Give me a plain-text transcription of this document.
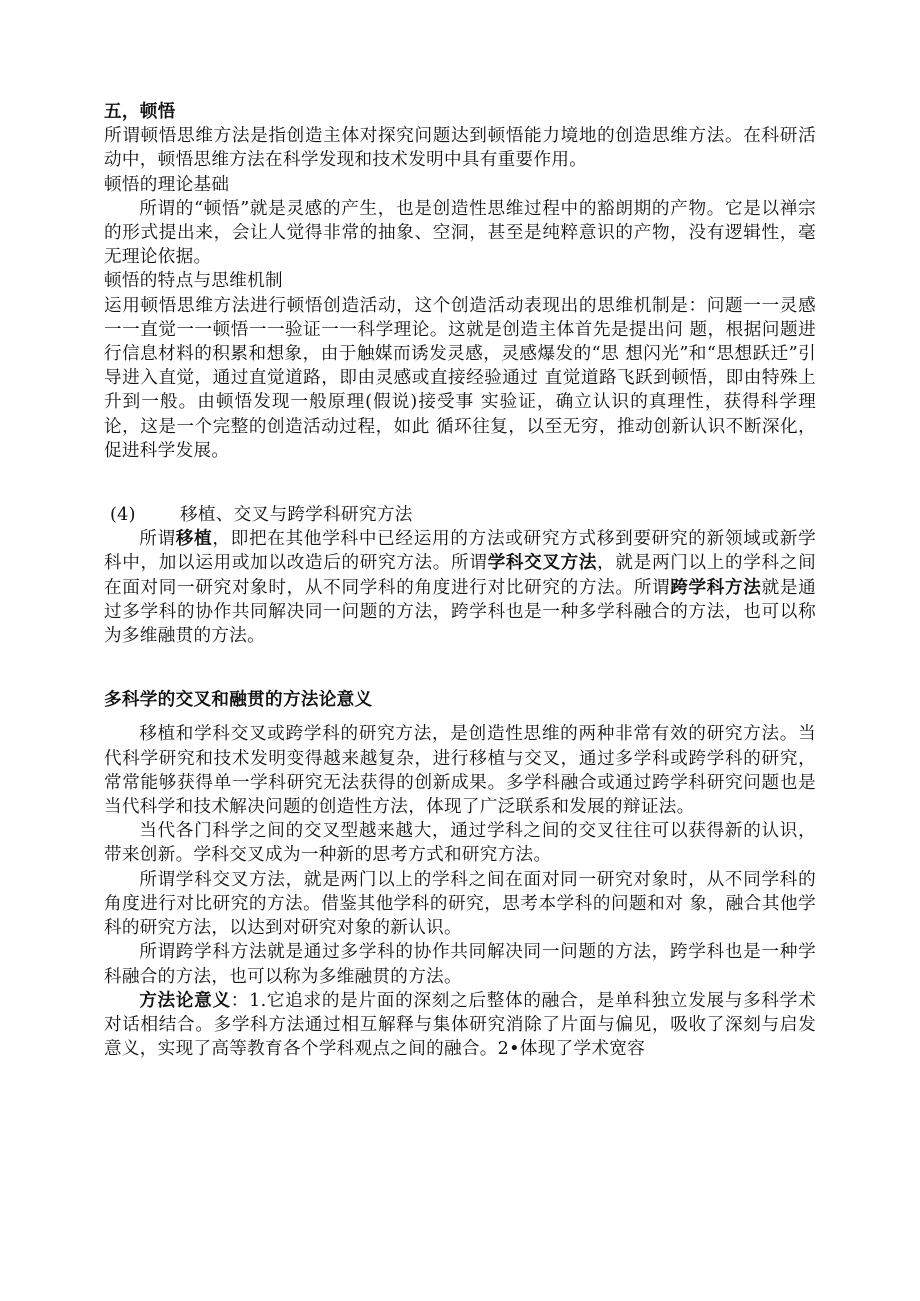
五，顿悟
所谓顿悟思维方法是指创造主体对探究问题达到顿悟能力境地的创造思维方法。在科研活动中，顿悟思维方法在科学发现和技术发明中具有重要作用。
顿悟的理论基础
所谓的“顿悟”就是灵感的产生，也是创造性思维过程中的豁朗期的产物。它是以禅宗的形式提出来，会让人觉得非常的抽象、空洞，甚至是纯粹意识的产物，没有逻辑性，毫无理论依据。
顿悟的特点与思维机制
运用顿悟思维方法进行顿悟创造活动，这个创造活动表现出的思维机制是：问题一一灵感一一直觉一一顿悟一一验证一一科学理论。这就是创造主体首先是提出问 题，根据问题进行信息材料的积累和想象，由于触媒而诱发灵感，灵感爆发的“思 想闪光”和“思想跃迁”引导进入直觉，通过直觉道路，即由灵感或直接经验通过 直觉道路飞跃到顿悟，即由特殊上升到一般。由顿悟发现一般原理(假说)接受事 实验证，确立认识的真理性，获得科学理论，这是一个完整的创造活动过程，如此 循环往复，以至无穷，推动创新认识不断深化，促进科学发展。
(4)	移植、交叉与跨学科研究方法
所谓移植，即把在其他学科中已经运用的方法或研究方式移到要研究的新领域或新学科中，加以运用或加以改造后的研究方法。所谓学科交叉方法，就是两门以上的学科之间在面对同一研究对象时，从不同学科的角度进行对比研究的方法。所谓跨学科方法就是通过多学科的协作共同解决同一问题的方法，跨学科也是一种多学科融合的方法，也可以称为多维融贯的方法。
多科学的交叉和融贯的方法论意义
移植和学科交叉或跨学科的研究方法，是创造性思维的两种非常有效的研究方法。当代科学研究和技术发明变得越来越复杂，进行移植与交叉，通过多学科或跨学科的研究，常常能够获得单一学科研究无法获得的创新成果。多学科融合或通过跨学科研究问题也是当代科学和技术解决问题的创造性方法，体现了广泛联系和发展的辩证法。
当代各门科学之间的交叉型越来越大，通过学科之间的交叉往往可以获得新的认识，带来创新。学科交叉成为一种新的思考方式和研究方法。
所谓学科交叉方法，就是两门以上的学科之间在面对同一研究对象时，从不同学科的角度进行对比研究的方法。借鉴其他学科的研究，思考本学科的问题和对 象，融合其他学科的研究方法，以达到对研究对象的新认识。
所谓跨学科方法就是通过多学科的协作共同解决同一问题的方法，跨学科也是一种学科融合的方法，也可以称为多维融贯的方法。
方法论意义：1.它追求的是片面的深刻之后整体的融合，是单科独立发展与多科学术对话相结合。多学科方法通过相互解释与集体研究消除了片面与偏见，吸收了深刻与启发意义，实现了高等教育各个学科观点之间的融合。2•体现了学术宽容
